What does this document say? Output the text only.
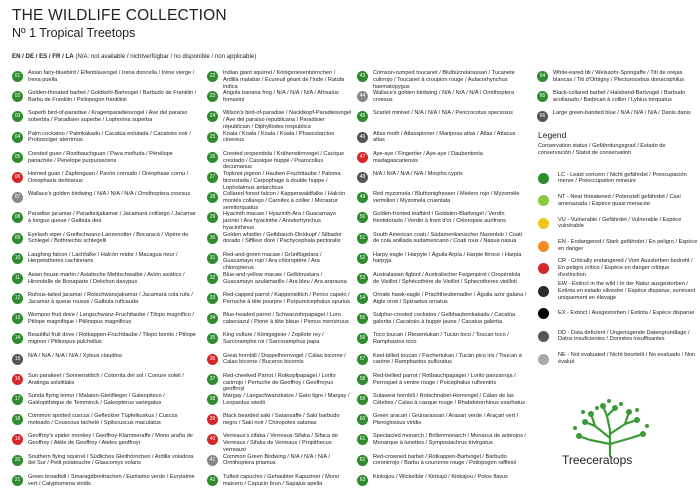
THE WILDLIFE COLLECTION
Nº 1 Tropical Treetops
EN / DE / ES / FR / LA (N/A: not available / nichtverfügbar / no disponible / non applicable)
01	Asian fairy-bluebird / Elfenblauvogel / Irena doncella / Irène vierge / Irena puella
02	Golden-throated barbet / Goldkehl-Bartvogel / Barbudo de Franklin / Barbu de Franklin / Psilopogon franklinii
03	Superb bird-of-paradise / Kragenparadiesvogel / Ave del paraíso soberbia / Paradisier superbe / Lophorina superba
04	Palm cockatoo / Palmkakadu / Cacatúa enlutada / Cacatoès noir / Probosciger aterrimus
05	Crested guan / Rostbauchguan / Pava moñuda / Pénélope panachée / Penelope purpurascens
06	Horned guan / Zapfenguan / Pavón cornudo / Oréophase cornu / Oreophasis derbianus
07	Wallace's golden birdwing / N/A / N/A / N/A / Ornithoptera croesus
08	Paradise jacamar / Paradiesjakamar / Jacamará colilargo / Jacamar à longue queue / Galbula dea
09	Eyelash viper / Greifschwanz-Lanzenotter / Bocaracá / Vipère de Schlegel / Bothriechis schlegelii
10	Laughing falcon / Lachfalke / Halcón reidor / Macagua rieur / Herpetotheres cachinnans
11	Asian house martin / Asiatische Mehlschwalbe / Avión asiático / Hirondelle de Bonaparte / Delichon dasypus
12	Rufous-tailed jacamar / Rotschwanzjakamar / Jacamará cola rufa / Jacamar à queue rousse / Galbula ruficauda
13	Wompoo fruit dove / Langschwanz-Fruchttaube / Tilopo magnífico / Ptilope magnifique / Ptilinopus magnificus
14	Beautiful fruit dove / Rotkappen-Fruchttaube / Tilopo bonito / Ptilope mignon / Ptilinopus pulchellus
15	N/A / N/A / N/A / N/A / Xyleus claudina
16	Sun parakeet / Sonnensittich / Cotorrita del sol / Conure soleil / Aratinga solstitialis
17	Sunda flying lemur / Malaien-Gleitflieger / Galeopiteco / Galéopithèque de Temminck / Galeopterus variegatus
18	Common spotted cuscus / Gefleckter Tüpfelkuskus / Cuscús moteado / Couscous tacheté / Spilocuscus maculatus
19	Geoffroy's spider monkey / Geoffroy-Klammeraffe / Mono araña de Geoffroy / Atèle de Geoffroy / Ateles geoffroyi
20	Southern flying squirrel / Südliches Gleithörnchen / Ardilla voladora del Sur / Petit polatouche / Glaucomys volans
21	Green broadbill / Smaragdbreitrachen / Eurilaimo verde / Eurylaime vert / Calyptomena viridis
22	Indian giant squirrel / Königsriesenhörnchen / Ardilla malabar / Écureuil géant de l'Inde / Ratufa indica
23	Angola banana frog / N/A / N/A / N/A / Afrixalus fornasini
24	Wilson's bird-of-paradise / Nacktkopf-Paradiesvogel / Ave del paraíso republicana / Paradisier républicain / Diphyllodes respublica
25	Koala / Koala / Koala / Koala / Phascolarctos cinereus
26	Crested oropendola / Krähenstirnvogel / Cacique crestado / Cassique huppé / Psarocolius decumanus
27	Topknot pigeon / Hauben-Fruchttaube / Paloma bicrestada / Carpophage à double huppe / Lopholaimus antarcticus
28	Collared forest falcon / Kappenwaldfalke / Halcón montés collarejo / Carnifex à collier / Micrastur semitorquatus
29	Hyacinth macaw / Hyazinth-Ara / Guacamayo jacinto / Ara hyacinthe / Anodorhynchus hyacinthinus
30	Golden whistler / Gelbbauch-Dickkopf / Silbador dorado / Siffleur doré / Pachycephala pectoralis
31	Red-and-green macaw / Grünflügelara / Guacamayo rojo / Ara chloroptère / Ara chloropterus
32	Blue-and-yellow macaw / Gelbbrustara / Guacamayo azulamarillo / Ara bleu / Ara ararauna
33	Red-capped parrot / Kappensittich / Perico capelo / Perruche à tête pourpre / Purpureicephalus spurius
34	Blue-headed parrot / Schwarzohrpapagei / Loro cabeciazul / Pione à tête bleue / Pionus menstruus
35	King vulture / Königsgeier / Zopilote rey / Sarcoramphe roi / Sarcoramphus papa
36	Great hornbill / Doppelhornvogel / Cálao bicorne / Calao bicorne / Buceros bicornis
37	Red-cheeked Parrot / Rotkopfpapagei / Lorito carirrojo / Perruche de Geoffroy / Geoffroyus geoffroyi
38	Margay / Langschwanzkatze / Gato tigre / Margay / Leopardus wiedii
39	Black bearded saki / Satansaffe / Sakí barbudo negro / Saki noir / Chiropotes satanas
40	Verreaux's sifaka / Verreaux-Sifaka / Sifaca de Verreaux / Sifaka de Verreaux / Propithecus verreauxi
41	Common Green Birdwing / N/A / N/A / N/A / Ornithoptera priamus
42	Tufted capuchin / Gehaubter Kapuziner / Mono maicero / Capucin brun / Sapajus apella
43	Crimson-rumped toucanet / Blutbürzelarassari / Tucanete culirrojo / Toucanet à croupion rouge / Aulacorhynchus haematopygus
44	Wallace's golden birdwing / N/A / N/A / N/A / Ornithoptera croesus
45	Scarlet minivet / N/A / N/A / N/A / Pericrocotus speciosus
46	Atlas moth / Atlasspinner / Mariposa atlas / Atlas / Attacus atlas
47	Aye-aye / Fingertier / Aye-aye / Daubentonia madagascariensis
48	N/A / N/A / N/A / N/A / Morpho cypris
49	Red myzomela / Bluthonigfresser / Mielero rojo / Myzomèle vermillon / Myzomela cruentata
50	Golden-fronted leafbird / Goldstirn-Blattvogel / Verdín frentidorado / Verdin à front d'or / Chloropsis aurifrons
51	South American coati / Südamerikanischer Nasenbär / Coatí de cola anillada sudamericano / Coati roux / Nasua nasua
52	Harpy eagle / Harpyie / Águila Arpía / Harpie féroce / Harpia harpyja
53	Australasian figbird / Australischer Feigenpirol / Oropéndola de Vieillot / Sphécothère de Vieillot / Sphecotheres vieilloti
54	Ornate hawk-eagle / Prachtheubenadler / Águila azor galana / Aigle orné / Spizaetus ornatus
55	Sulphur-crested cockatoo / Gelbhaubenkakadu / Cacatúa galerita / Cacatoès à huppe jaune / Cacatua galerita
56	Toco toucan / Riesentukan / Tucán toco / Toucan toco / Ramphastos toco
57	Keel-billed toucan / Fischertukan / Tucán pico iris / Toucan à carène / Ramphastos sulfuratus
58	Red-bellied parrot / Rotbauchpapagei / Lorito panzarroja / Perroquet à ventre rouge / Poicephalus rufiventris
59	Sulawesi hornbill / Rotschnabel-Hornvogel / Cálao de las Célebes / Calao à casque rouge / Rhabdotorrhinus exarhatus
60	Green aracari / Grünarassari / Arasarí verde / Araçari vert / Pteroglossus viridis
61	Spectacled monarch / Brillenmonarch / Monarca de anteojos / Monarque à lunettes / Symposiachrus trivirgatus
62	Red-crowned barbet / Rotkappen-Bartvogel / Barbudo coronirrojo / Barbu à couronne rouge / Psilopogon rafflesii
63	Kinkajou / Wickelbär / Kinkajú / Kinkajou / Potos flavus
64	White-eared titi / Weissohr-Springaffe / Tití de orejas blancas / Titi d'Orbigny / Plecturocebus donacophilus
65	Black-collared barbet / Halsband-Bartvogel / Barbudo acollarado / Barbican à collier / Lybius torquatus
66	Large green-banded blue / N/A / N/A / N/A / Danis danis
Legend
Conservation status / Gefährdungsgrad / Estado de conservación / Statut de conservation
LC - Least concern / Nicht gefährdet / Preocupación menor / Préoccupation mineure
NT - Near threatened / Potenziell gefährdet / Casi amenazada / Espèce quasi menacée
VU - Vulnerable / Gefährdet / Vulnerable / Espèce vulnérable
EN - Endangered / Stark gefährdet / En peligro / Espèce en danger
CR - Critically endangered / Vom Aussterben bedroht / En peligro crítico / Espèce en danger critique d'extinction
EW - Extinct in the wild / In der Natur ausgestorben / Extinta en estado silvestre / Espèce disparue, survivant uniquement en élevage
EX - Extinct / Ausgestorben / Extinta / Espèce disparue
DD - Data deficient / Ungenügende Datengrundlage / Datos insuficientes / Données insuffisantes
NE - Not evaluated / Nicht beurteilt / No evaluado / Non évalué
Treeceratops
